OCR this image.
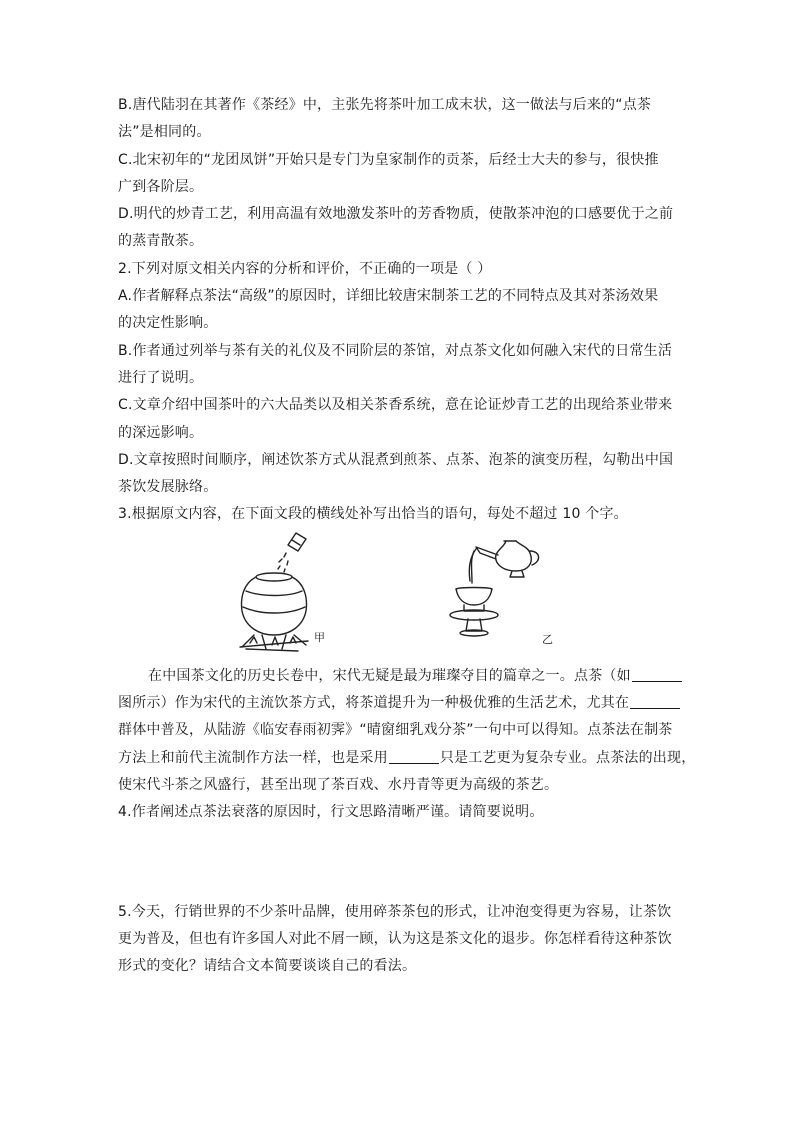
B.唐代陆羽在其著作《茶经》中，主张先将茶叶加工成末状，这一做法与后来的“点茶
法”是相同的。
C.北宋初年的“龙团凤饼”开始只是专门为皇家制作的贡茶，后经士大夫的参与，很快推
广到各阶层。
D.明代的炒青工艺，利用高温有效地激发茶叶的芳香物质，使散茶冲泡的口感要优于之前
的蒸青散茶。
2.下列对原文相关内容的分析和评价，不正确的一项是（ ）
A.作者解释点茶法“高级”的原因时，详细比较唐宋制茶工艺的不同特点及其对茶汤效果
的决定性影响。
B.作者通过列举与茶有关的礼仪及不同阶层的茶馆，对点茶文化如何融入宋代的日常生活
进行了说明。
C.文章介绍中国茶叶的六大品类以及相关茶香系统，意在论证炒青工艺的出现给茶业带来
的深远影响。
D.文章按照时间顺序，阐述饮茶方式从混煮到煎茶、点茶、泡茶的演变历程，勾勒出中国
茶饮发展脉络。
3.根据原文内容，在下面文段的横线处补写出恰当的语句，每处不超过 10 个字。
甲	乙
在中国茶文化的历史长卷中，宋代无疑是最为璀璨夺目的篇章之一。点茶（如
图所示）作为宋代的主流饮茶方式，将茶道提升为一种极优雅的生活艺术，尤其在
群体中普及，从陆游《临安春雨初霁》“晴窗细乳戏分茶”一句中可以得知。点茶法在制茶
方法上和前代主流制作方法一样，也是采用	只是工艺更为复杂专业。点茶法的出现，
使宋代斗茶之风盛行，甚至出现了茶百戏、水丹青等更为高级的茶艺。
4.作者阐述点茶法衰落的原因时，行文思路清晰严谨。请简要说明。
5.今天，行销世界的不少茶叶品牌，使用碎茶茶包的形式，让冲泡变得更为容易，让茶饮
更为普及，但也有许多国人对此不屑一顾，认为这是茶文化的退步。你怎样看待这种茶饮
形式的变化？请结合文本简要谈谈自己的看法。
